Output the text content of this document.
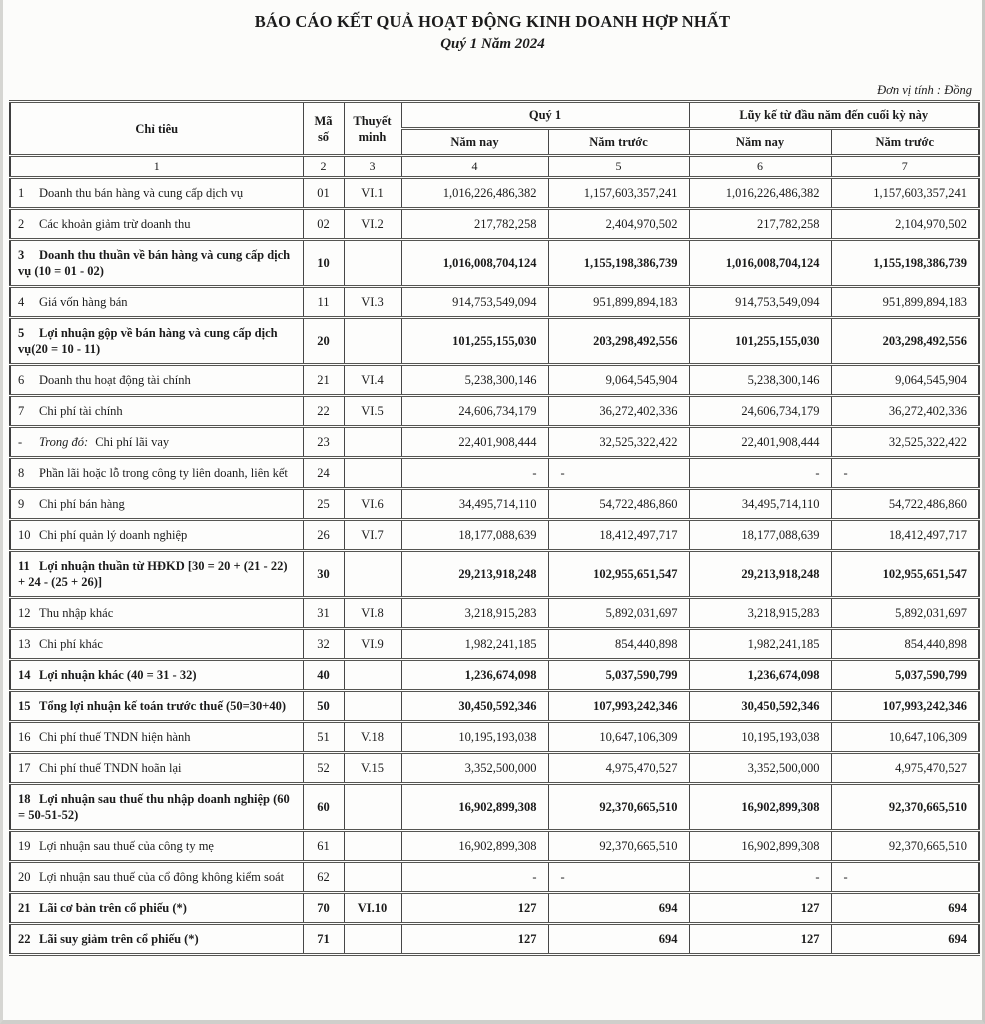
BÁO CÁO KẾT QUẢ HOẠT ĐỘNG KINH DOANH HỢP NHẤT
Quý 1 Năm 2024
Đơn vị tính : Đồng
Chỉ tiêu	Mã số	Thuyết minh	Quý 1		Lũy kế từ đầu năm đến cuối kỳ này	
			Năm nay	Năm trước	Năm nay	Năm trước
1	2	3	4	5	6	7
1 Doanh thu bán hàng và cung cấp dịch vụ	01	VI.1	1,016,226,486,382	1,157,603,357,241	1,016,226,486,382	1,157,603,357,241
2 Các khoản giảm trừ doanh thu	02	VI.2	217,782,258	2,404,970,502	217,782,258	2,104,970,502
3 Doanh thu thuần về bán hàng và cung cấp dịch vụ (10 = 01 - 02)	10		1,016,008,704,124	1,155,198,386,739	1,016,008,704,124	1,155,198,386,739
4 Giá vốn hàng bán	11	VI.3	914,753,549,094	951,899,894,183	914,753,549,094	951,899,894,183
5 Lợi nhuận gộp về bán hàng và cung cấp dịch vụ(20 = 10 - 11)	20		101,255,155,030	203,298,492,556	101,255,155,030	203,298,492,556
6 Doanh thu hoạt động tài chính	21	VI.4	5,238,300,146	9,064,545,904	5,238,300,146	9,064,545,904
7 Chi phí tài chính	22	VI.5	24,606,734,179	36,272,402,336	24,606,734,179	36,272,402,336
- Trong đó: Chi phí lãi vay	23		22,401,908,444	32,525,322,422	22,401,908,444	32,525,322,422
8 Phần lãi hoặc lỗ trong công ty liên doanh, liên kết	24		-	-	-	-
9 Chi phí bán hàng	25	VI.6	34,495,714,110	54,722,486,860	34,495,714,110	54,722,486,860
10 Chi phí quản lý doanh nghiệp	26	VI.7	18,177,088,639	18,412,497,717	18,177,088,639	18,412,497,717
11 Lợi nhuận thuần từ HĐKD [30 = 20 + (21 - 22) + 24 - (25 + 26)]	30		29,213,918,248	102,955,651,547	29,213,918,248	102,955,651,547
12 Thu nhập khác	31	VI.8	3,218,915,283	5,892,031,697	3,218,915,283	5,892,031,697
13 Chi phí khác	32	VI.9	1,982,241,185	854,440,898	1,982,241,185	854,440,898
14 Lợi nhuận khác (40 = 31 - 32)	40		1,236,674,098	5,037,590,799	1,236,674,098	5,037,590,799
15 Tổng lợi nhuận kế toán trước thuế (50=30+40)	50		30,450,592,346	107,993,242,346	30,450,592,346	107,993,242,346
16 Chi phí thuế TNDN hiện hành	51	V.18	10,195,193,038	10,647,106,309	10,195,193,038	10,647,106,309
17 Chi phí thuế TNDN hoãn lại	52	V.15	3,352,500,000	4,975,470,527	3,352,500,000	4,975,470,527
18 Lợi nhuận sau thuế thu nhập doanh nghiệp (60 = 50-51-52)	60		16,902,899,308	92,370,665,510	16,902,899,308	92,370,665,510
19 Lợi nhuận sau thuế của công ty mẹ	61		16,902,899,308	92,370,665,510	16,902,899,308	92,370,665,510
20 Lợi nhuận sau thuế của cổ đông không kiểm soát	62		-	-	-	-
21 Lãi cơ bản trên cổ phiếu (*)	70	VI.10	127	694	127	694
22 Lãi suy giảm trên cổ phiếu (*)	71		127	694	127	694
